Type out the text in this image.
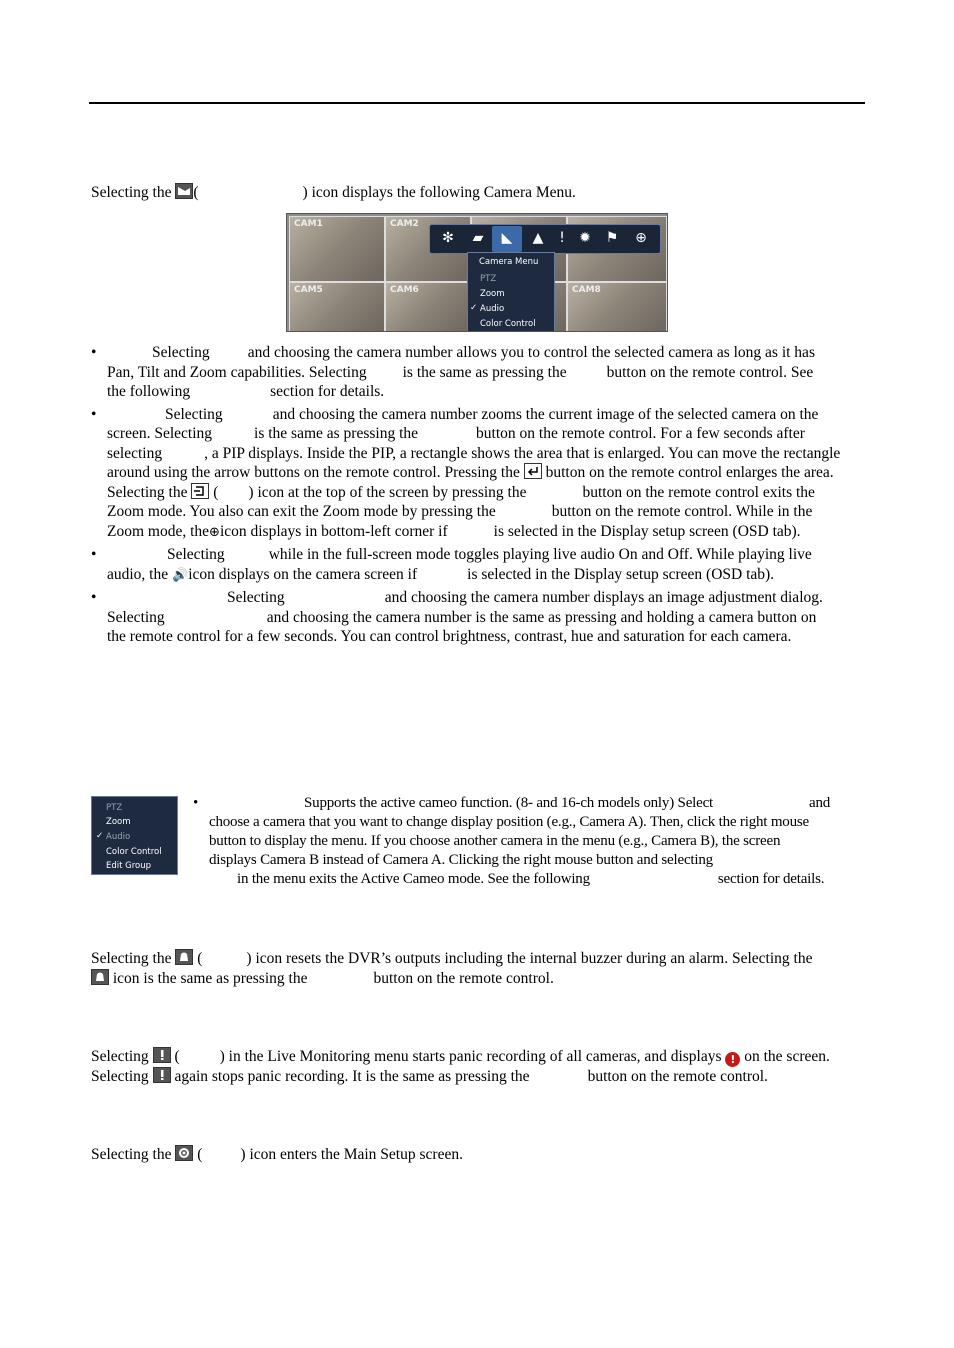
Selecting the (	) icon displays the following Camera Menu.
CAM1	CAM2
CAM5	CAM6	CAM8
✻ ▰ ◣ ▲	!	✹ ⚑ ⊕
Camera Menu
PTZ
Zoom
✓ Audio
Color Control
•	Selecting and choosing the camera number allows you to control the selected camera as long as it has
Pan, Tilt and Zoom capabilities. Selecting is the same as pressing the	button on the remote control. See
the following	section for details.
•	Selecting	and choosing the camera number zooms the current image of the selected camera on the
screen. Selecting	is the same as pressing the	button on the remote control. For a few seconds after
selecting	, a PIP displays. Inside the PIP, a rectangle shows the area that is enlarged. You can move the rectangle
around using the arrow buttons on the remote control. Pressing the button on the remote control enlarges the area.
Selecting the
( ) icon at the top of the screen by pressing the	button on the remote control exits the
Zoom mode. You also can exit the Zoom mode by pressing the	button on the remote control. While in the
Zoom mode, the⊕icon displays in bottom-left corner if	is selected in the Display setup screen (OSD tab).
•	Selecting	while in the full-screen mode toggles playing live audio On and Off. While playing live
audio, the 🔊icon displays on the camera screen if	is selected in the Display setup screen (OSD tab).
•	Selecting	and choosing the camera number displays an image adjustment dialog.
Selecting	and choosing the camera number is the same as pressing and holding a camera button on
the remote control for a few seconds. You can control brightness, contrast, hue and saturation for each camera.
PTZ
Zoom
✓ Audio
Color Control
Edit Group
•	Supports the active cameo function. (8- and 16-ch models only) Select	and
choose a camera that you want to change display position (e.g., Camera A). Then, click the right mouse
button to display the menu. If you choose another camera in the menu (e.g., Camera B), the screen
displays Camera B instead of Camera A. Clicking the right mouse button and selecting
in the menu exits the Active Cameo mode. See the following	section for details.
Selecting the
(	) icon resets the DVR’s outputs including the internal buzzer during an alarm. Selecting the

icon is the same as pressing the	button on the remote control.
Selecting
(	) in the Live Monitoring menu starts panic recording of all cameras, and displays ! on the screen.
Selecting again stops panic recording. It is the same as pressing the	button on the remote control.
Selecting the
( ) icon enters the Main Setup screen.
